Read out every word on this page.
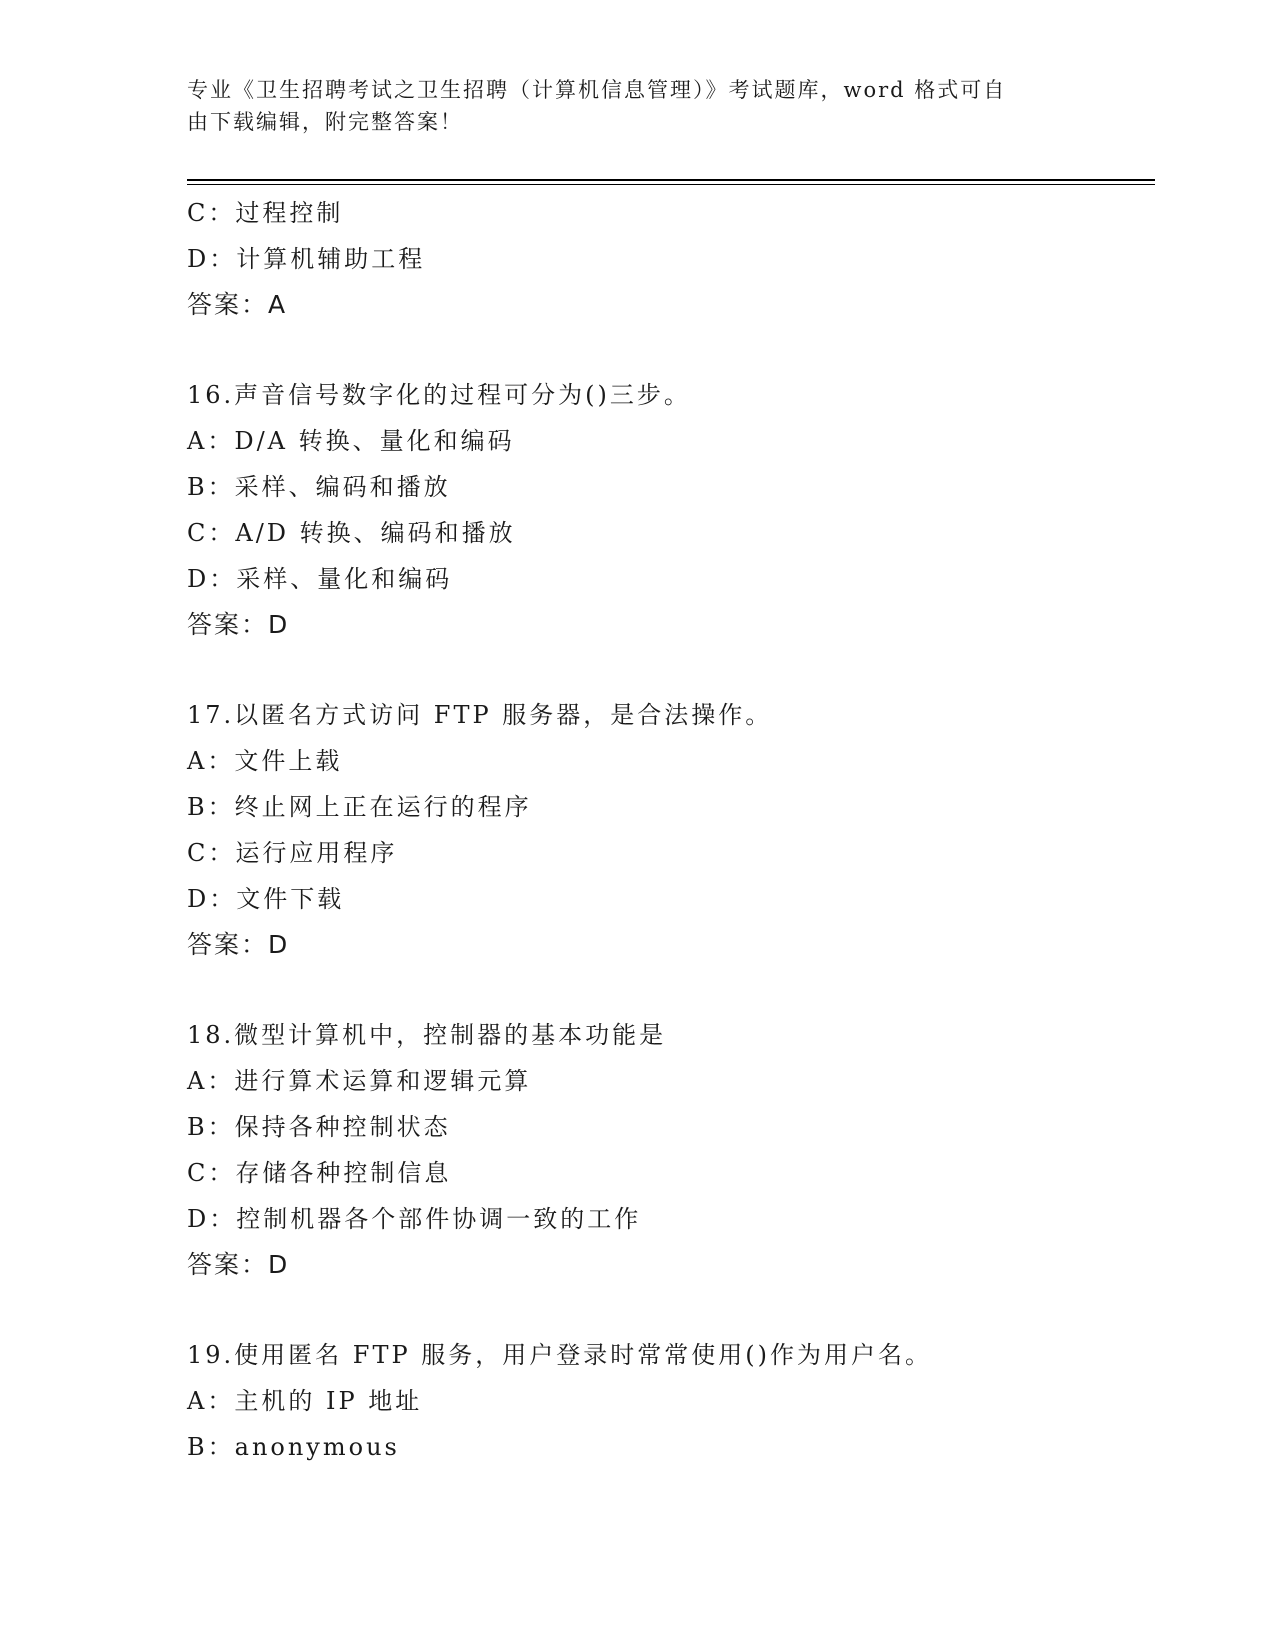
专业《卫生招聘考试之卫生招聘（计算机信息管理）》考试题库，word 格式可自
由下载编辑，附完整答案！
C：过程控制
D：计算机辅助工程
答案：A
16.声音信号数字化的过程可分为()三步。
A：D/A 转换、量化和编码
B：采样、编码和播放
C：A/D 转换、编码和播放
D：采样、量化和编码
答案：D
17.以匿名方式访问 FTP 服务器，是合法操作。
A：文件上载
B：终止网上正在运行的程序
C：运行应用程序
D：文件下载
答案：D
18.微型计算机中，控制器的基本功能是
A：进行算术运算和逻辑元算
B：保持各种控制状态
C：存储各种控制信息
D：控制机器各个部件协调一致的工作
答案：D
19.使用匿名 FTP 服务，用户登录时常常使用()作为用户名。
A：主机的 IP 地址
B：anonymous
